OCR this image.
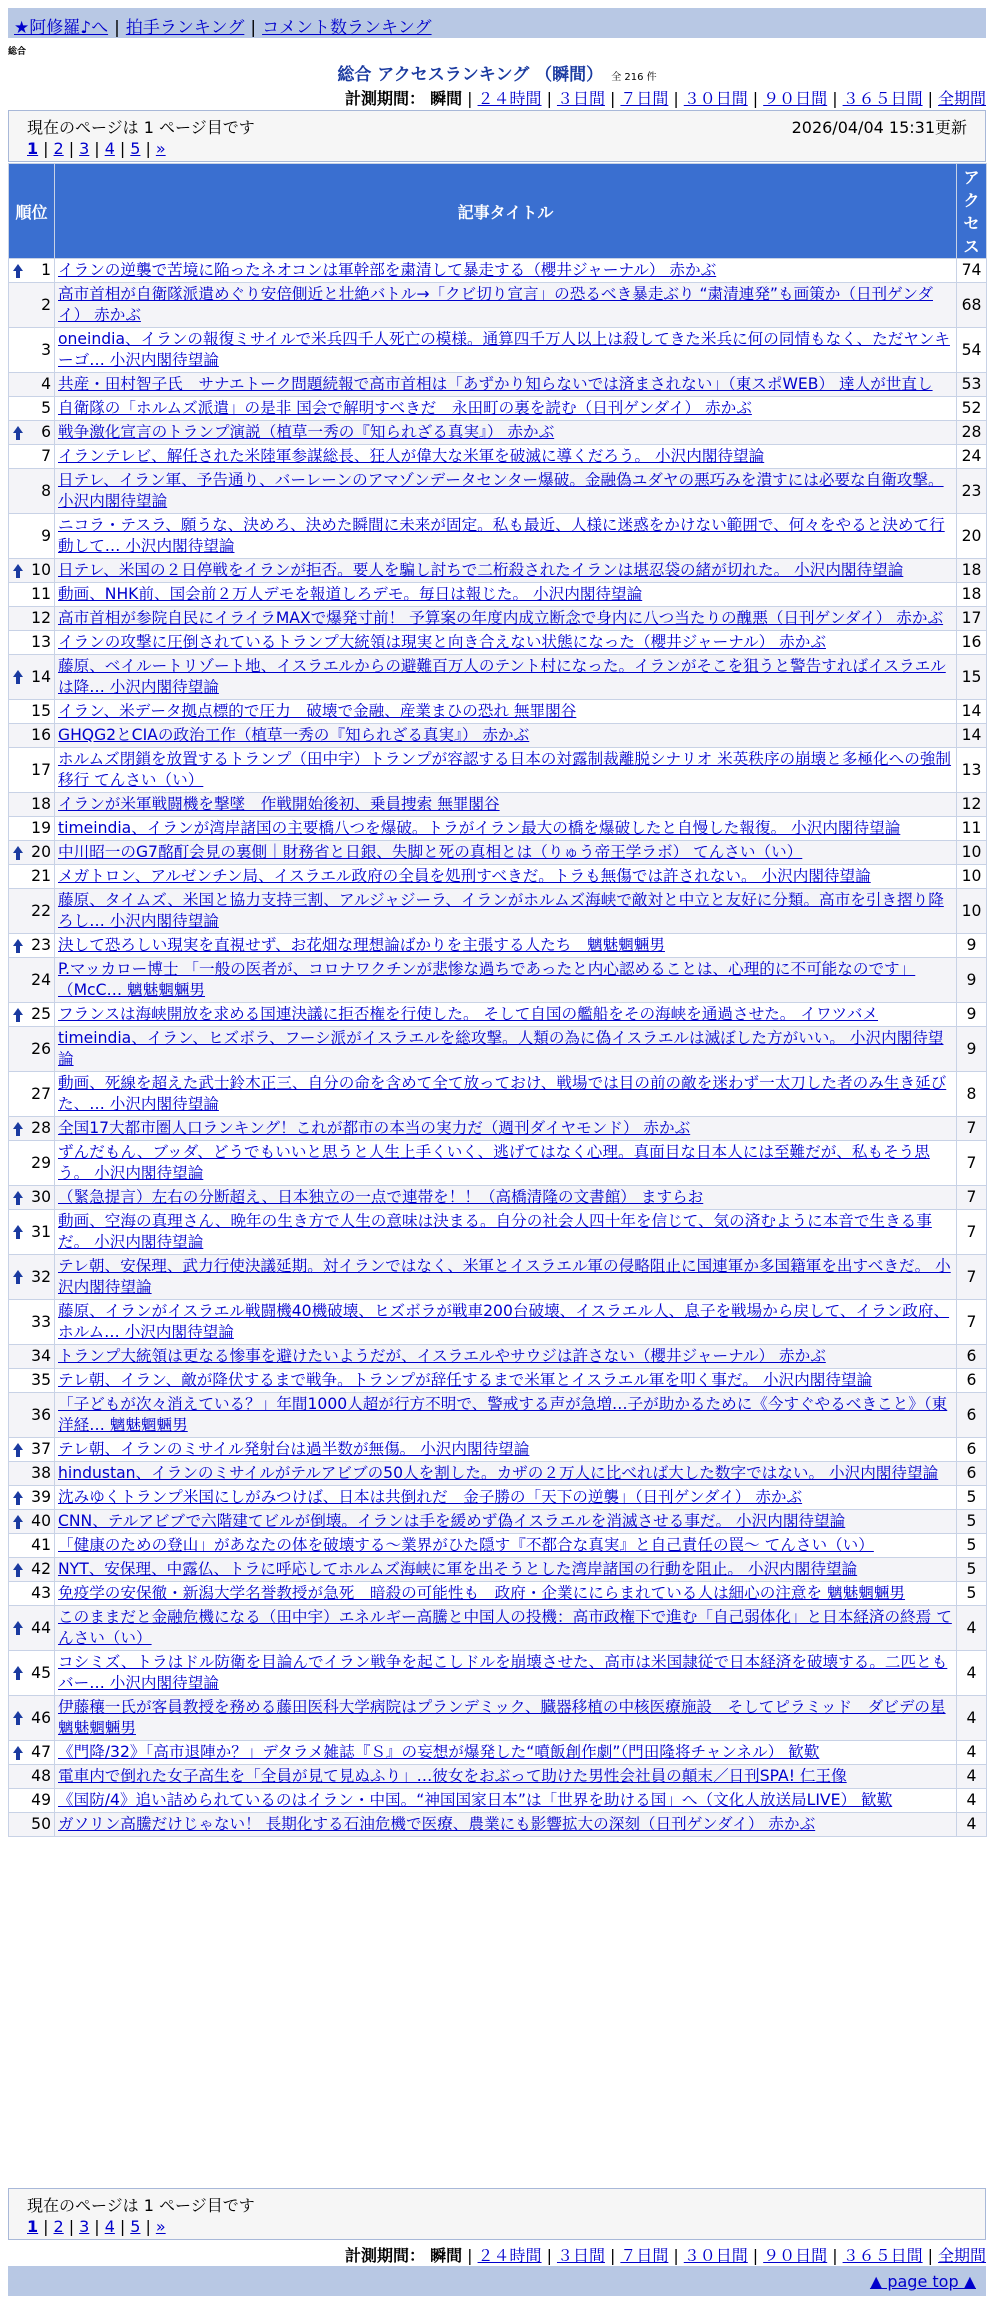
★阿修羅♪へ | 拍手ランキング | コメント数ランキング
総合
総合 アクセスランキング （瞬間） 全 216 件
計測期間： 瞬間 | ２４時間 | ３日間 | ７日間 | ３０日間 | ９０日間 | ３６５日間 | 全期間
現在のページは 1 ページ目です	2026/04/04 15:31更新
1 | 2 | 3 | 4 | 5 | »
順位	記事タイトル	アクセス

1	イランの逆襲で苦境に陥ったネオコンは軍幹部を粛清して暴走する（櫻井ジャーナル） 赤かぶ	74
2	高市首相が自衛隊派遣めぐり安倍側近と壮絶バトル→「クビ切り宣言」の恐るべき暴走ぶり “粛清連発”も画策か（日刊ゲンダイ） 赤かぶ	68
3	oneindia、イランの報復ミサイルで米兵四千人死亡の模様。通算四千万人以上は殺してきた米兵に何の同情もなく、ただヤンキーゴ… 小沢内閣待望論	54
4	共産・田村智子氏　サナエトーク問題続報で高市首相は「あずかり知らないでは済まされない」（東スポWEB） 達人が世直し	53
5	自衛隊の「ホルムズ派遣」の是非 国会で解明すべきだ　永田町の裏を読む（日刊ゲンダイ） 赤かぶ	52

6	戦争激化宣言のトランプ演説（植草一秀の『知られざる真実』） 赤かぶ	28
7	イランテレビ、解任された米陸軍参謀総長、狂人が偉大な米軍を破滅に導くだろう。 小沢内閣待望論	24
8	日テレ、イラン軍、予告通り、バーレーンのアマゾンデータセンター爆破。金融偽ユダヤの悪巧みを潰すには必要な自衛攻撃。 小沢内閣待望論	23
9	ニコラ・テスラ、願うな、決めろ、決めた瞬間に未来が固定。私も最近、人様に迷惑をかけない範囲で、何々をやると決めて行動して… 小沢内閣待望論	20

10	日テレ、米国の２日停戦をイランが拒否。要人を騙し討ちで二桁殺されたイランは堪忍袋の緒が切れた。 小沢内閣待望論	18
11	動画、NHK前、国会前２万人デモを報道しろデモ。毎日は報じた。 小沢内閣待望論	18
12	高市首相が参院自民にイライラMAXで爆発寸前！ 予算案の年度内成立断念で身内に八つ当たりの醜悪（日刊ゲンダイ） 赤かぶ	17
13	イランの攻撃に圧倒されているトランプ大統領は現実と向き合えない状態になった（櫻井ジャーナル） 赤かぶ	16

14	藤原、ベイルートリゾート地、イスラエルからの避難百万人のテント村になった。イランがそこを狙うと警告すればイスラエルは降… 小沢内閣待望論	15
15	イラン、米データ拠点標的で圧力　破壊で金融、産業まひの恐れ 無罪閣谷	14
16	GHQG2とCIAの政治工作（植草一秀の『知られざる真実』） 赤かぶ	14
17	ホルムズ閉鎖を放置するトランプ（田中宇）トランプが容認する日本の対露制裁離脱シナリオ 米英秩序の崩壊と多極化への強制移行 てんさい（い）	13
18	イランが米軍戦闘機を撃墜　作戦開始後初、乗員捜索 無罪閣谷	12
19	timeindia、イランが湾岸諸国の主要橋八つを爆破。トラがイラン最大の橋を爆破したと自慢した報復。 小沢内閣待望論	11

20	中川昭一のG7酩酊会見の裏側｜財務省と日銀、失脚と死の真相とは（りゅう帝王学ラボ） てんさい（い）	10
21	メガトロン、アルゼンチン局、イスラエル政府の全員を処刑すべきだ。トラも無傷では許されない。 小沢内閣待望論	10
22	藤原、タイムズ、米国と協力支持三割、アルジャジーラ、イランがホルムズ海峡で敵対と中立と友好に分類。高市を引き摺り降ろし… 小沢内閣待望論	10

23	決して恐ろしい現実を直視せず、お花畑な理想論ばかりを主張する人たち　魑魅魍魎男	9
24	P.マッカロー博士 「一般の医者が、コロナワクチンが悲惨な過ちであったと内心認めることは、心理的に不可能なのです」（McC… 魑魅魍魎男	9

25	フランスは海峡開放を求める国連決議に拒否権を行使した。 そして自国の艦船をその海峡を通過させた。 イワツバメ	9
26	timeindia、イラン、ヒズボラ、フーシ派がイスラエルを総攻撃。人類の為に偽イスラエルは滅ぼした方がいい。 小沢内閣待望論	9
27	動画、死線を超えた武士鈴木正三、自分の命を含めて全て放っておけ、戦場では目の前の敵を迷わず一太刀した者のみ生き延びた、… 小沢内閣待望論	8

28	全国17大都市圏人口ランキング！これが都市の本当の実力だ（週刊ダイヤモンド） 赤かぶ	7
29	ずんだもん、ブッダ、どうでもいいと思うと人生上手くいく、逃げてはなく心理。真面目な日本人には至難だが、私もそう思う。 小沢内閣待望論	7

30	（緊急提言）左右の分断超え、日本独立の一点で連帯を！！（高橋清隆の文書館） ますらお	7

31	動画、空海の真理さん、晩年の生き方で人生の意味は決まる。自分の社会人四十年を信じて、気の済むように本音で生きる事だ。 小沢内閣待望論	7

32	テレ朝、安保理、武力行使決議延期。対イランではなく、米軍とイスラエル軍の侵略阻止に国連軍か多国籍軍を出すべきだ。 小沢内閣待望論	7
33	藤原、イランがイスラエル戦闘機40機破壊、ヒズボラが戦車200台破壊、イスラエル人、息子を戦場から戻して、イラン政府、ホルム… 小沢内閣待望論	7
34	トランプ大統領は更なる惨事を避けたいようだが、イスラエルやサウジは許さない（櫻井ジャーナル） 赤かぶ	6
35	テレ朝、イラン、敵が降伏するまで戦争。トランプが辞任するまで米軍とイスラエル軍を叩く事だ。 小沢内閣待望論	6
36	「子どもが次々消えている？」年間1000人超が行方不明で、警戒する声が急増…子が助かるために《今すぐやるべきこと》（東洋経… 魑魅魍魎男	6

37	テレ朝、イランのミサイル発射台は過半数が無傷。 小沢内閣待望論	6
38	hindustan、イランのミサイルがテルアビブの50人を割した。カザの２万人に比べれば大した数字ではない。 小沢内閣待望論	6

39	沈みゆくトランプ米国にしがみつけば、日本は共倒れだ　金子勝の「天下の逆襲」（日刊ゲンダイ） 赤かぶ	5

40	CNN、テルアビブで六階建てビルが倒壊。イランは手を緩めず偽イスラエルを消滅させる事だ。 小沢内閣待望論	5
41	「健康のための登山」があなたの体を破壊する〜業界がひた隠す『不都合な真実』と自己責任の罠〜 てんさい（い）	5

42	NYT、安保理、中露仏、トラに呼応してホルムズ海峡に軍を出そうとした湾岸諸国の行動を阻止。 小沢内閣待望論	5
43	免疫学の安保徹・新潟大学名誉教授が急死　暗殺の可能性も　政府・企業ににらまれている人は細心の注意を 魑魅魍魎男	5

44	このままだと金融危機になる（田中宇）エネルギー高騰と中国人の投機：高市政権下で進む「自己弱体化」と日本経済の終焉 てんさい（い）	4

45	コシミズ、トラはドル防衛を目論んでイラン戦争を起こしドルを崩壊させた、高市は米国隷従で日本経済を破壊する。二匹ともバー… 小沢内閣待望論	4

46	伊藤穰一氏が客員教授を務める藤田医科大学病院はプランデミック、臓器移植の中核医療施設　そしてピラミッド　ダビデの星 魑魅魍魎男	4

47	《門降/32》「高市退陣か？」デタラメ雑誌『Ｓ』の妄想が爆発した“噴飯創作劇”（門田隆将チャンネル） 歓歎	4
48	電車内で倒れた女子高生を「全員が見て見ぬふり」…彼女をおぶって助けた男性会社員の顛末／日刊SPA! 仁王像	4
49	《国防/4》追い詰められているのはイラン・中国。“神国国家日本”は「世界を助ける国」へ（文化人放送局LIVE） 歓歎	4
50	ガソリン高騰だけじゃない！ 長期化する石油危機で医療、農業にも影響拡大の深刻（日刊ゲンダイ） 赤かぶ	4
現在のページは 1 ページ目です
1 | 2 | 3 | 4 | 5 | »
計測期間： 瞬間 | ２４時間 | ３日間 | ７日間 | ３０日間 | ９０日間 | ３６５日間 | 全期間
▲ page top ▲
